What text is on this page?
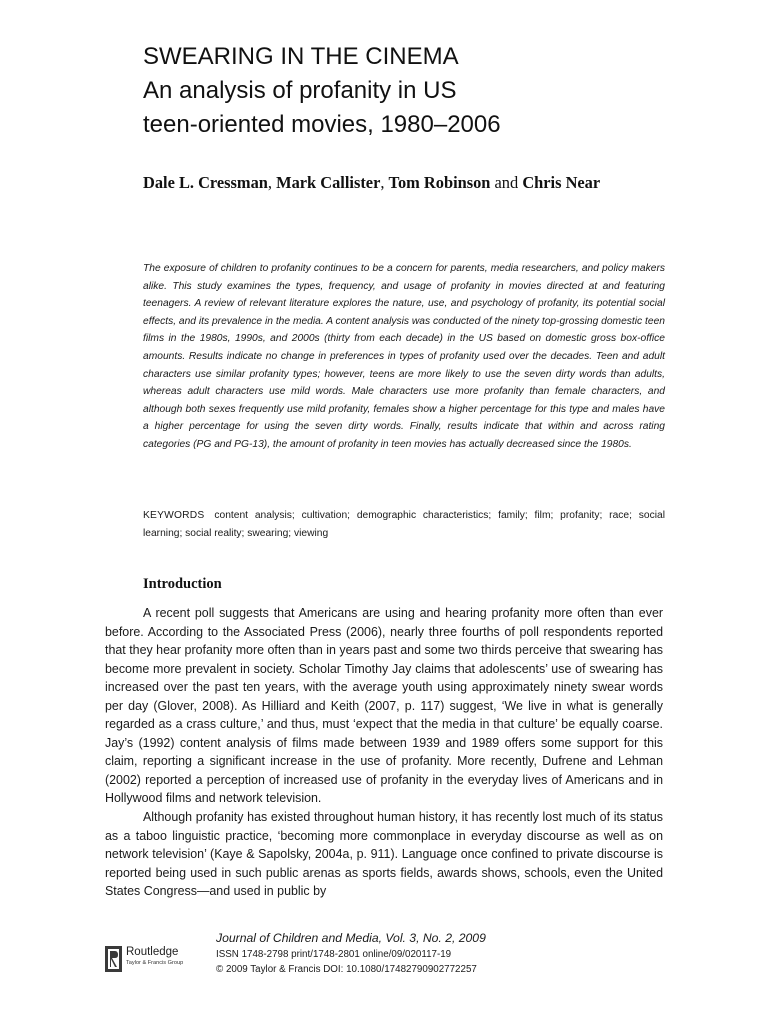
SWEARING IN THE CINEMA
An analysis of profanity in US
teen-oriented movies, 1980–2006
Dale L. Cressman, Mark Callister, Tom Robinson and Chris Near

The exposure of children to profanity continues to be a concern for parents, media researchers, and policy makers alike. This study examines the types, frequency, and usage of profanity in movies directed at and featuring teenagers. A review of relevant literature explores the nature, use, and psychology of profanity, its potential social effects, and its prevalence in the media. A content analysis was conducted of the ninety top-grossing domestic teen films in the 1980s, 1990s, and 2000s (thirty from each decade) in the US based on domestic gross box-office amounts. Results indicate no change in preferences in types of profanity used over the decades. Teen and adult characters use similar profanity types; however, teens are more likely to use the seven dirty words than adults, whereas adult characters use mild words. Male characters use more profanity than female characters, and although both sexes frequently use mild profanity, females show a higher percentage for this type and males have a higher percentage for using the seven dirty words. Finally, results indicate that within and across rating categories (PG and PG-13), the amount of profanity in teen movies has actually decreased since the 1980s.

KEYWORDS content analysis; cultivation; demographic characteristics; family; film; profanity; race; social learning; social reality; swearing; viewing

Introduction

A recent poll suggests that Americans are using and hearing profanity more often than ever before. According to the Associated Press (2006), nearly three fourths of poll respondents reported that they hear profanity more often than in years past and some two thirds perceive that swearing has become more prevalent in society. Scholar Timothy Jay claims that adolescents’ use of swearing has increased over the past ten years, with the average youth using approximately ninety swear words per day (Glover, 2008). As Hilliard and Keith (2007, p. 117) suggest, ‘We live in what is generally regarded as a crass culture,’ and thus, must ‘expect that the media in that culture’ be equally coarse. Jay’s (1992) content analysis of films made between 1939 and 1989 offers some support for this claim, reporting a significant increase in the use of profanity. More recently, Dufrene and Lehman (2002) reported a perception of increased use of profanity in the everyday lives of Americans and in Hollywood films and network television.

Although profanity has existed throughout human history, it has recently lost much of its status as a taboo linguistic practice, ‘becoming more commonplace in everyday discourse as well as on network television’ (Kaye & Sapolsky, 2004a, p. 911). Language once confined to private discourse is reported being used in such public arenas as sports fields, awards shows, schools, even the United States Congress—and used in public by

Routledge
Taylor & Francis Group
Journal of Children and Media, Vol. 3, No. 2, 2009
ISSN 1748-2798 print/1748-2801 online/09/020117-19
© 2009 Taylor & Francis DOI: 10.1080/17482790902772257
